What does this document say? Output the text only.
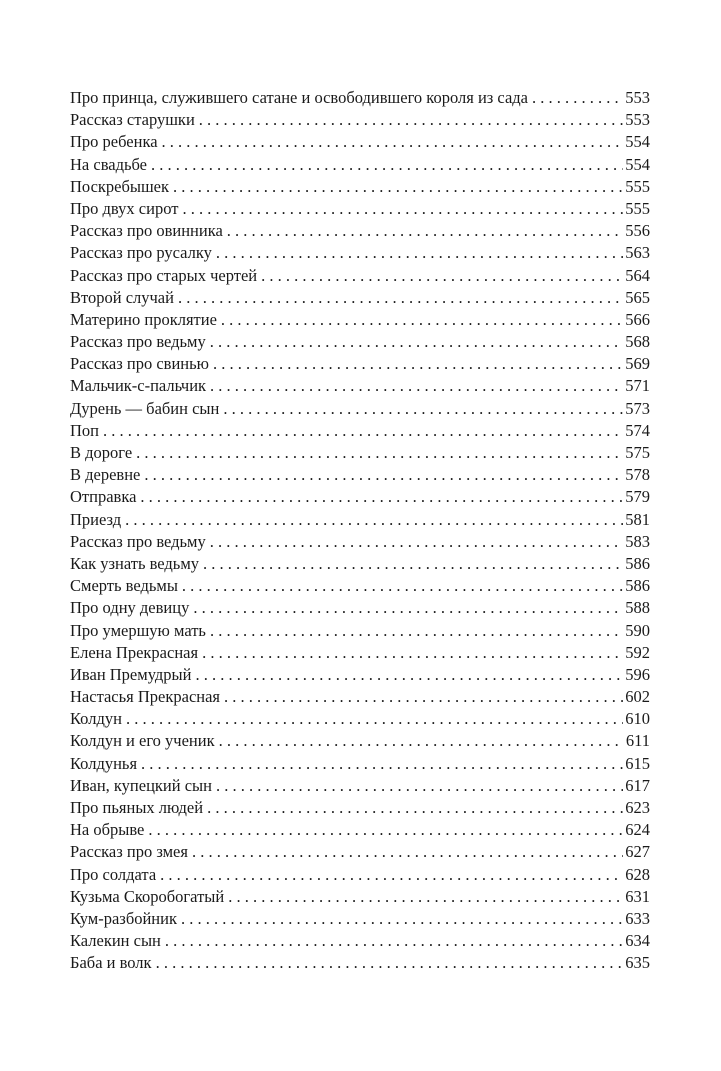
Про принца, служившего сатане и освободившего короля из сада . . .	553
Рассказ старушки . . .	553
Про ребенка . . .	554
На свадьбе . . .	554
Поскребышек . . .	555
Про двух сирот . . .	555
Рассказ про овинника . . .	556
Рассказ про русалку . . .	563
Рассказ про старых чертей . . .	564
Второй случай . . .	565
Материно проклятие . . .	566
Рассказ про ведьму . . .	568
Рассказ про свинью . . .	569
Мальчик-с-пальчик . . .	571
Дурень — бабин сын . . .	573
Поп . . .	574
В дороге . . .	575
В деревне . . .	578
Отправка . . .	579
Приезд . . .	581
Рассказ про ведьму . . .	583
Как узнать ведьму . . .	586
Смерть ведьмы . . .	586
Про одну девицу . . .	588
Про умершую мать . . .	590
Елена Прекрасная . . .	592
Иван Премудрый . . .	596
Настасья Прекрасная . . .	602
Колдун . . .	610
Колдун и его ученик . . .	611
Колдунья . . .	615
Иван, купецкий сын . . .	617
Про пьяных людей . . .	623
На обрыве . . .	624
Рассказ про змея . . .	627
Про солдата . . .	628
Кузьма Скоробогатый . . .	631
Кум-разбойник . . .	633
Калекин сын . . .	634
Баба и волк . . .	635
